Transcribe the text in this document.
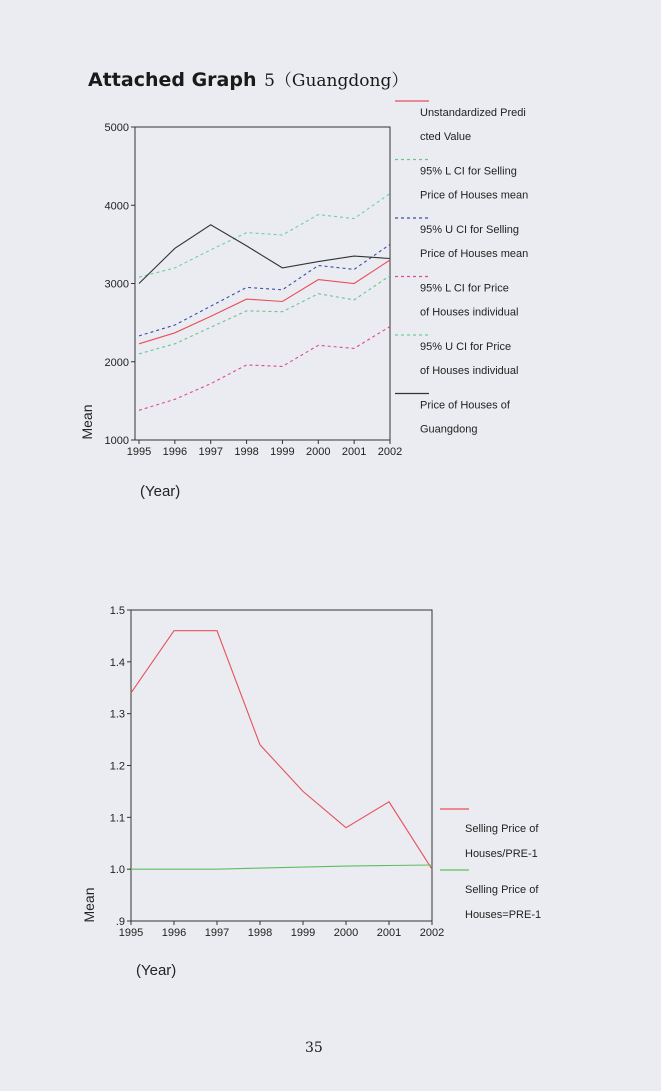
Attached Graph 5（Guangdong）
1000
2000
3000
4000
5000
1995 1996 1997 1998 1999 2000 2001 2002
Mean
(Year)
Unstandardized Predi
cted Value
95% L CI for Selling
Price of Houses mean
95% U CI for Selling
Price of Houses mean
95% L CI for Price
of Houses individual
95% U CI for Price
of Houses individual
Price of Houses of
Guangdong
.9
1.0
1.1
1.2
1.3
1.4
1.5
1995 1996 1997 1998 1999 2000 2001 2002
Mean
(Year)
Selling Price of
Houses/PRE-1
Selling Price of
Houses=PRE-1
35
